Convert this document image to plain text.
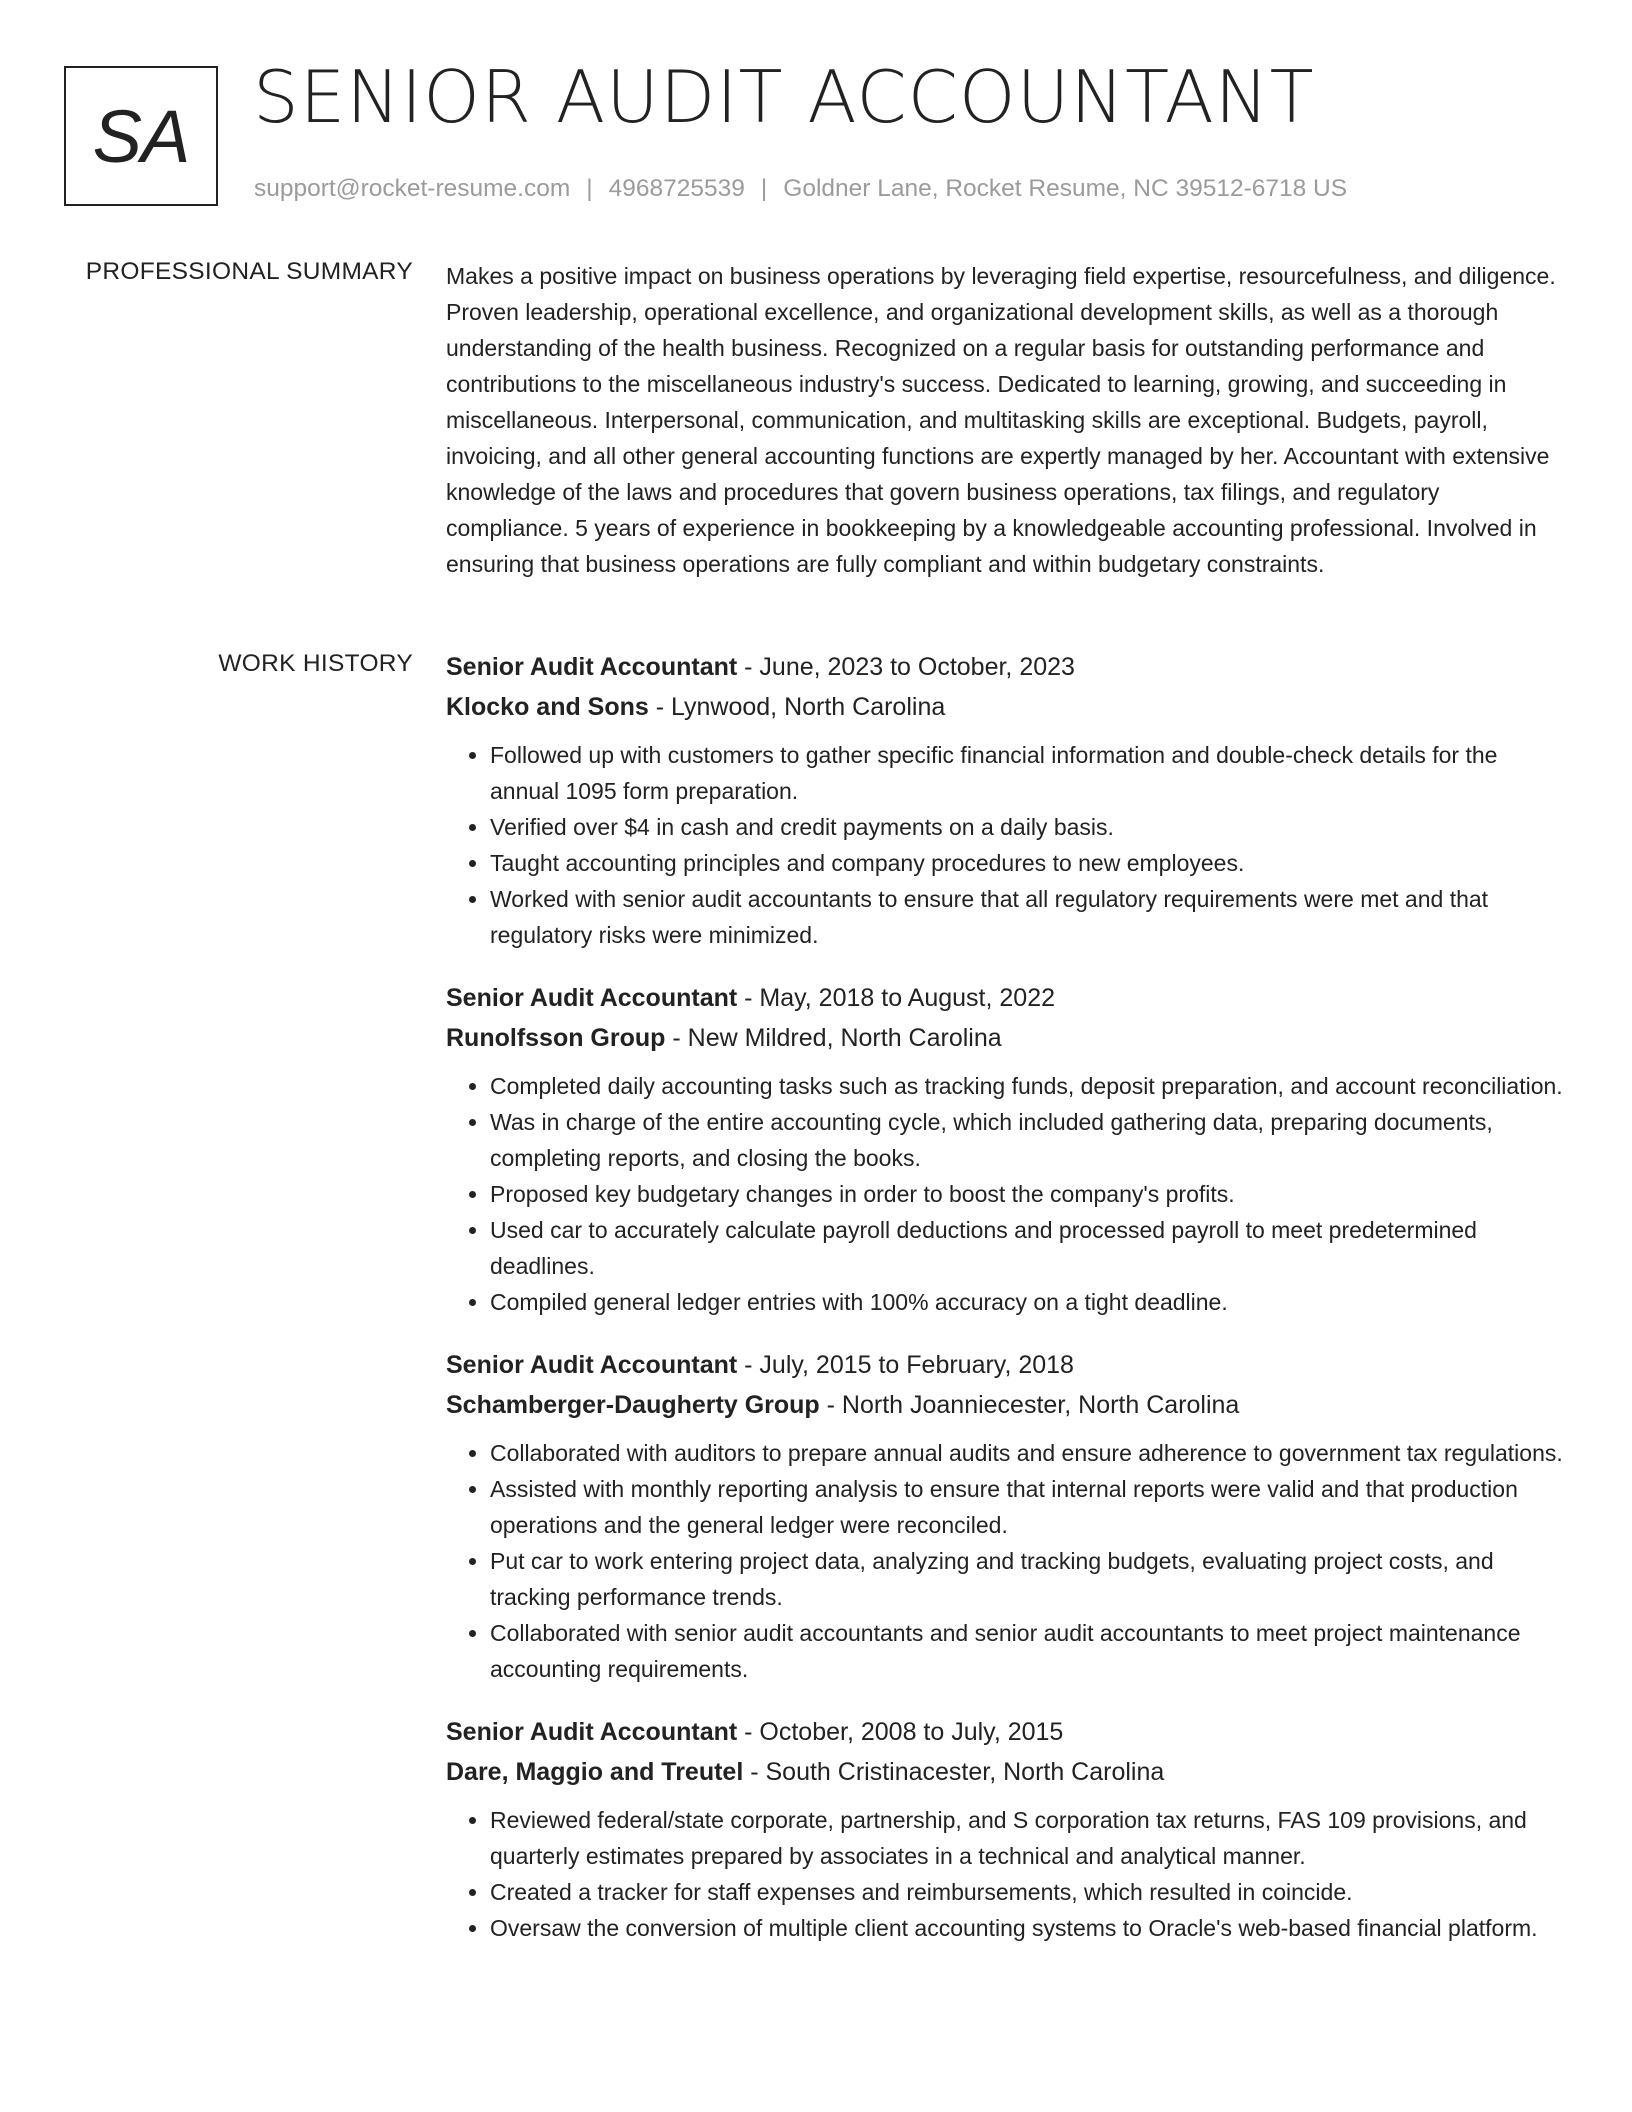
SA SENIOR AUDIT ACCOUNTANT
support@rocket-resume.com | 4968725539 | Goldner Lane, Rocket Resume, NC 39512-6718 US
PROFESSIONAL SUMMARY Makes a positive impact on business operations by leveraging field expertise, resourcefulness, and diligence. Proven leadership, operational excellence, and organizational development skills, as well as a thorough understanding of the health business. Recognized on a regular basis for outstanding performance and contributions to the miscellaneous industry's success. Dedicated to learning, growing, and succeeding in miscellaneous. Interpersonal, communication, and multitasking skills are exceptional. Budgets, payroll, invoicing, and all other general accounting functions are expertly managed by her. Accountant with extensive knowledge of the laws and procedures that govern business operations, tax filings, and regulatory compliance. 5 years of experience in bookkeeping by a knowledgeable accounting professional. Involved in ensuring that business operations are fully compliant and within budgetary constraints.

WORK HISTORY Senior Audit Accountant - June, 2023 to October, 2023
Klocko and Sons - Lynwood, North Carolina
• Followed up with customers to gather specific financial information and double-check details for the annual 1095 form preparation.
• Verified over $4 in cash and credit payments on a daily basis.
• Taught accounting principles and company procedures to new employees.
• Worked with senior audit accountants to ensure that all regulatory requirements were met and that regulatory risks were minimized.
Senior Audit Accountant - May, 2018 to August, 2022
Runolfsson Group - New Mildred, North Carolina
• Completed daily accounting tasks such as tracking funds, deposit preparation, and account reconciliation.
• Was in charge of the entire accounting cycle, which included gathering data, preparing documents, completing reports, and closing the books.
• Proposed key budgetary changes in order to boost the company's profits.
• Used car to accurately calculate payroll deductions and processed payroll to meet predetermined deadlines.
• Compiled general ledger entries with 100% accuracy on a tight deadline.
Senior Audit Accountant - July, 2015 to February, 2018
Schamberger-Daugherty Group - North Joanniecester, North Carolina
• Collaborated with auditors to prepare annual audits and ensure adherence to government tax regulations.
• Assisted with monthly reporting analysis to ensure that internal reports were valid and that production operations and the general ledger were reconciled.
• Put car to work entering project data, analyzing and tracking budgets, evaluating project costs, and tracking performance trends.
• Collaborated with senior audit accountants and senior audit accountants to meet project maintenance accounting requirements.
Senior Audit Accountant - October, 2008 to July, 2015
Dare, Maggio and Treutel - South Cristinacester, North Carolina
• Reviewed federal/state corporate, partnership, and S corporation tax returns, FAS 109 provisions, and quarterly estimates prepared by associates in a technical and analytical manner.
• Created a tracker for staff expenses and reimbursements, which resulted in coincide.
• Oversaw the conversion of multiple client accounting systems to Oracle's web-based financial platform.
